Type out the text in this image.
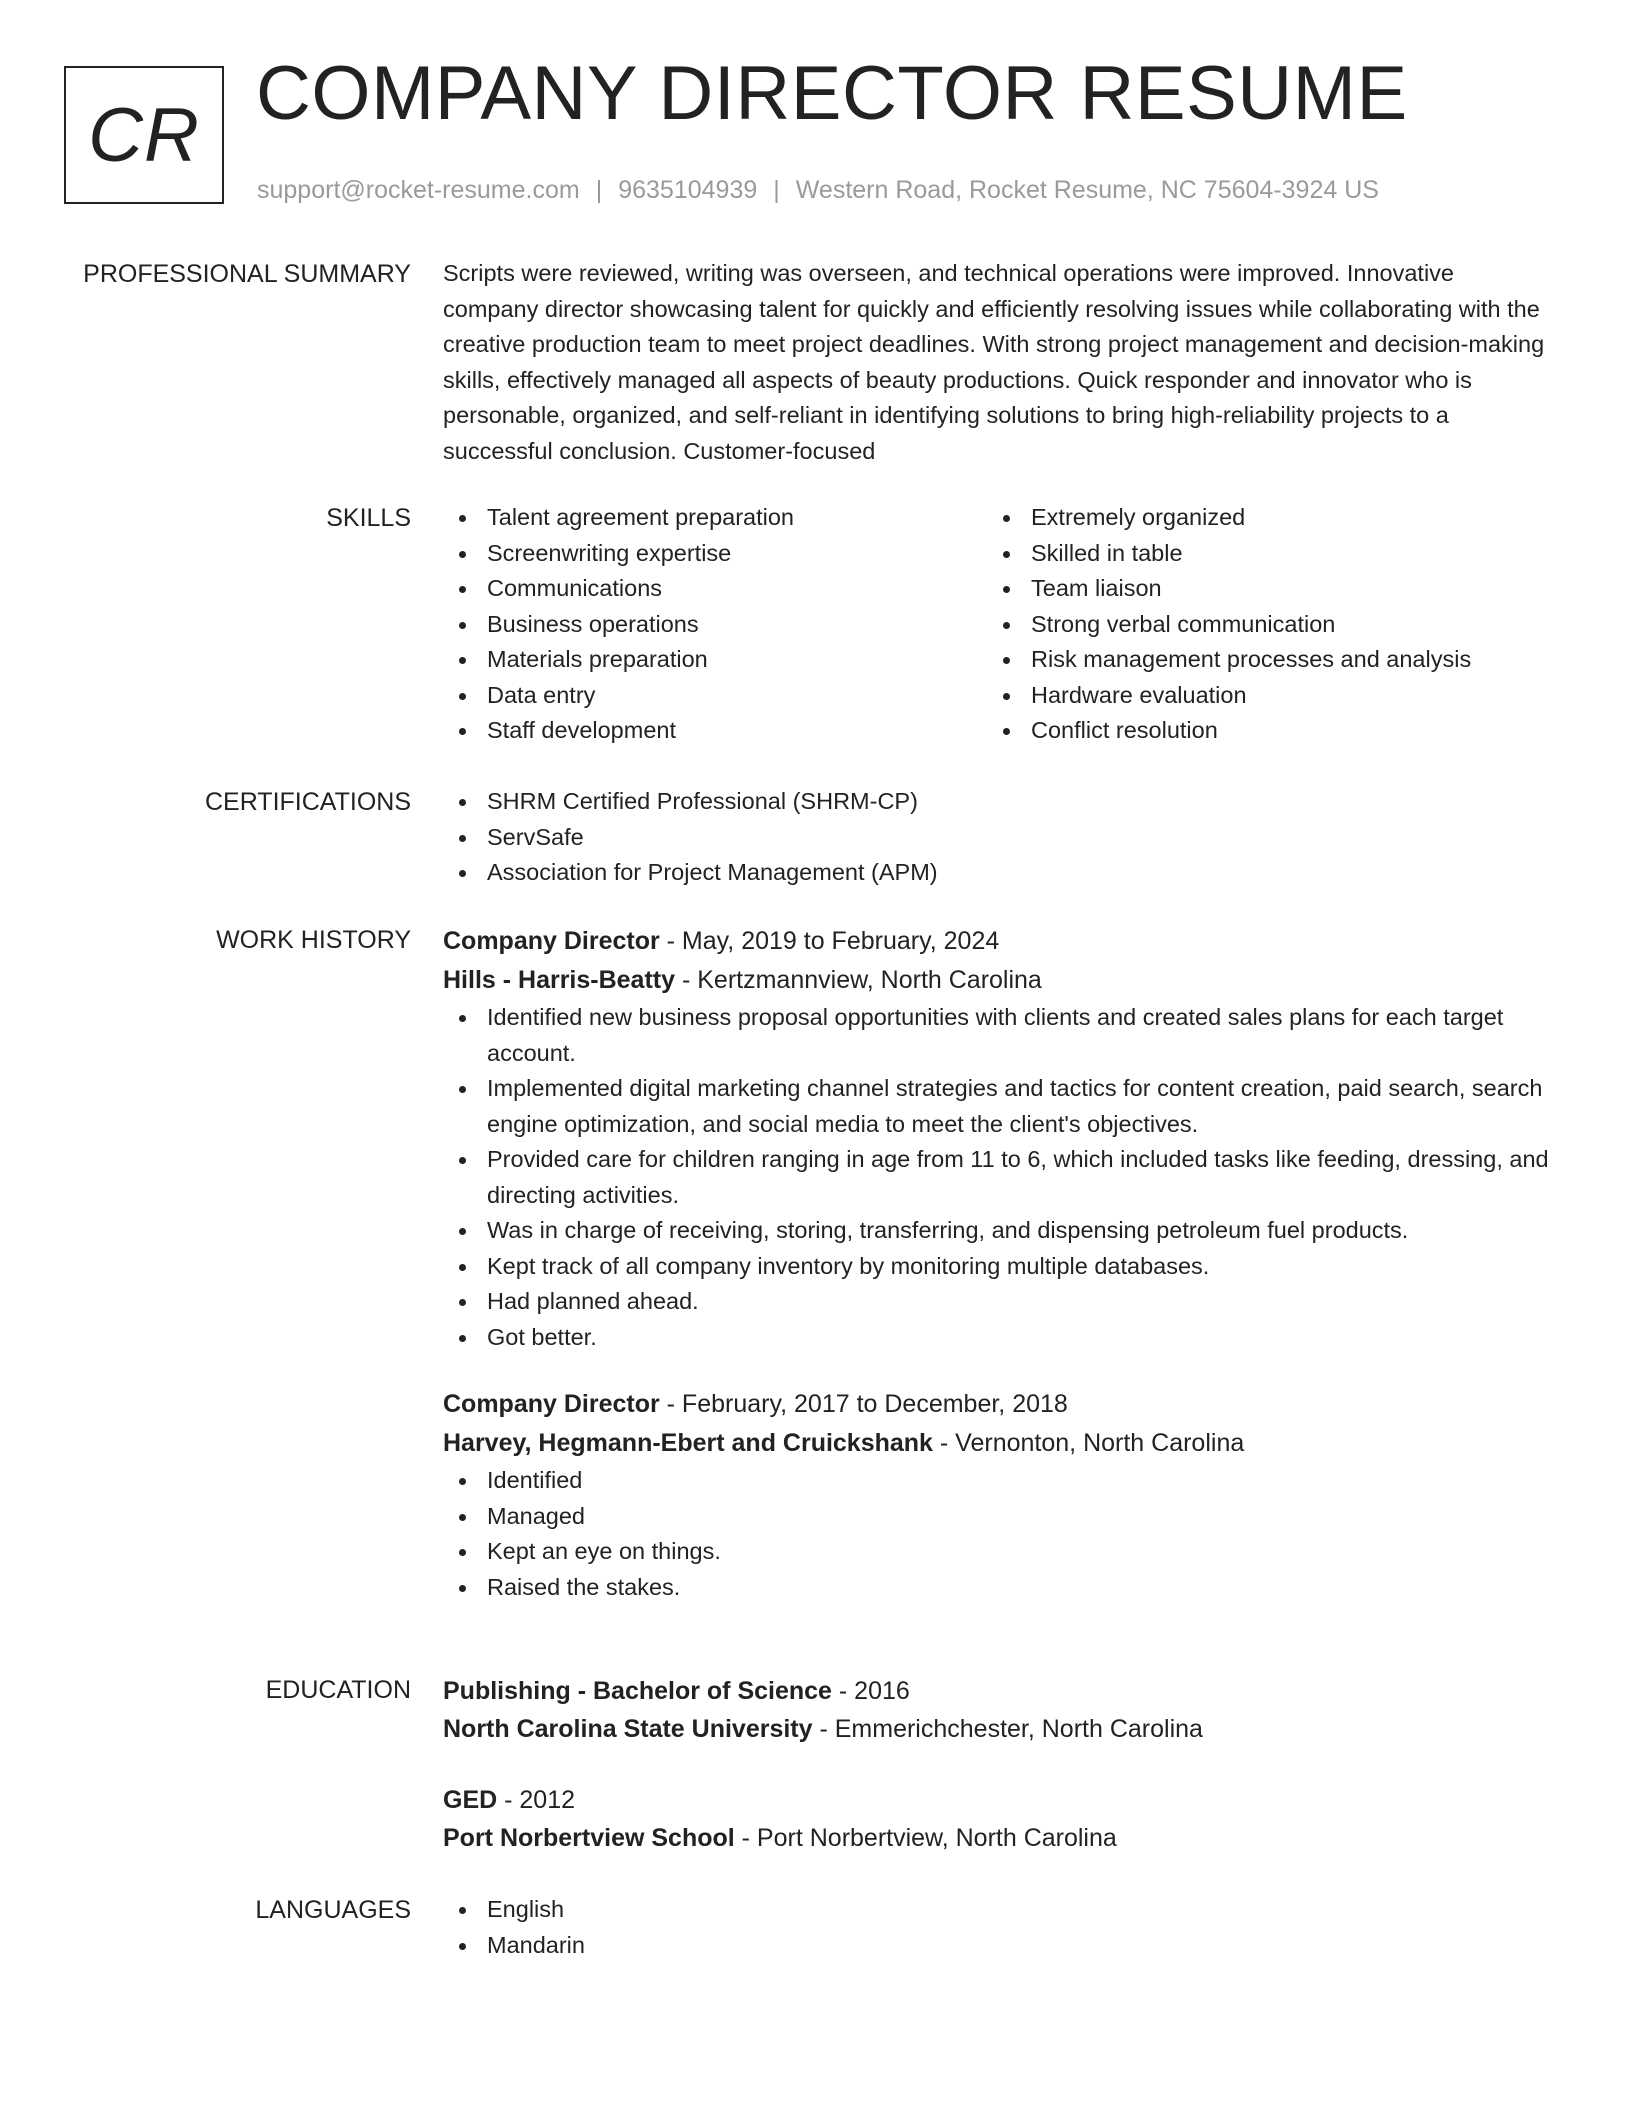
CR COMPANY DIRECTOR RESUME
support@rocket-resume.com | 9635104939 | Western Road, Rocket Resume, NC 75604-3924 US
PROFESSIONAL SUMMARY Scripts were reviewed, writing was overseen, and technical operations were improved. Innovative company director showcasing talent for quickly and efficiently resolving issues while collaborating with the creative production team to meet project deadlines. With strong project management and decision-making skills, effectively managed all aspects of beauty productions. Quick responder and innovator who is personable, organized, and self-reliant in identifying solutions to bring high-reliability projects to a successful conclusion. Customer-focused

SKILLS	Talent agreement preparation
Screenwriting expertise
Communications
Business operations
Materials preparation
Data entry
Staff development
Extremely organized
Skilled in table
Team liaison
Strong verbal communication
Risk management processes and analysis
Hardware evaluation
Conflict resolution
CERTIFICATIONS	SHRM Certified Professional (SHRM-CP)
ServSafe
Association for Project Management (APM)
WORK HISTORY Company Director - May, 2019 to February, 2024
Hills - Harris-Beatty - Kertzmannview, North Carolina
Identified new business proposal opportunities with clients and created sales plans for each target account.
Implemented digital marketing channel strategies and tactics for content creation, paid search, search engine optimization, and social media to meet the client's objectives.
Provided care for children ranging in age from 11 to 6, which included tasks like feeding, dressing, and directing activities.
Was in charge of receiving, storing, transferring, and dispensing petroleum fuel products.
Kept track of all company inventory by monitoring multiple databases.
Had planned ahead.
Got better.
Company Director - February, 2017 to December, 2018
Harvey, Hegmann-Ebert and Cruickshank - Vernonton, North Carolina
Identified
Managed
Kept an eye on things.
Raised the stakes.
EDUCATION Publishing - Bachelor of Science - 2016
North Carolina State University - Emmerichchester, North Carolina
GED - 2012
Port Norbertview School - Port Norbertview, North Carolina
LANGUAGES	English
Mandarin
